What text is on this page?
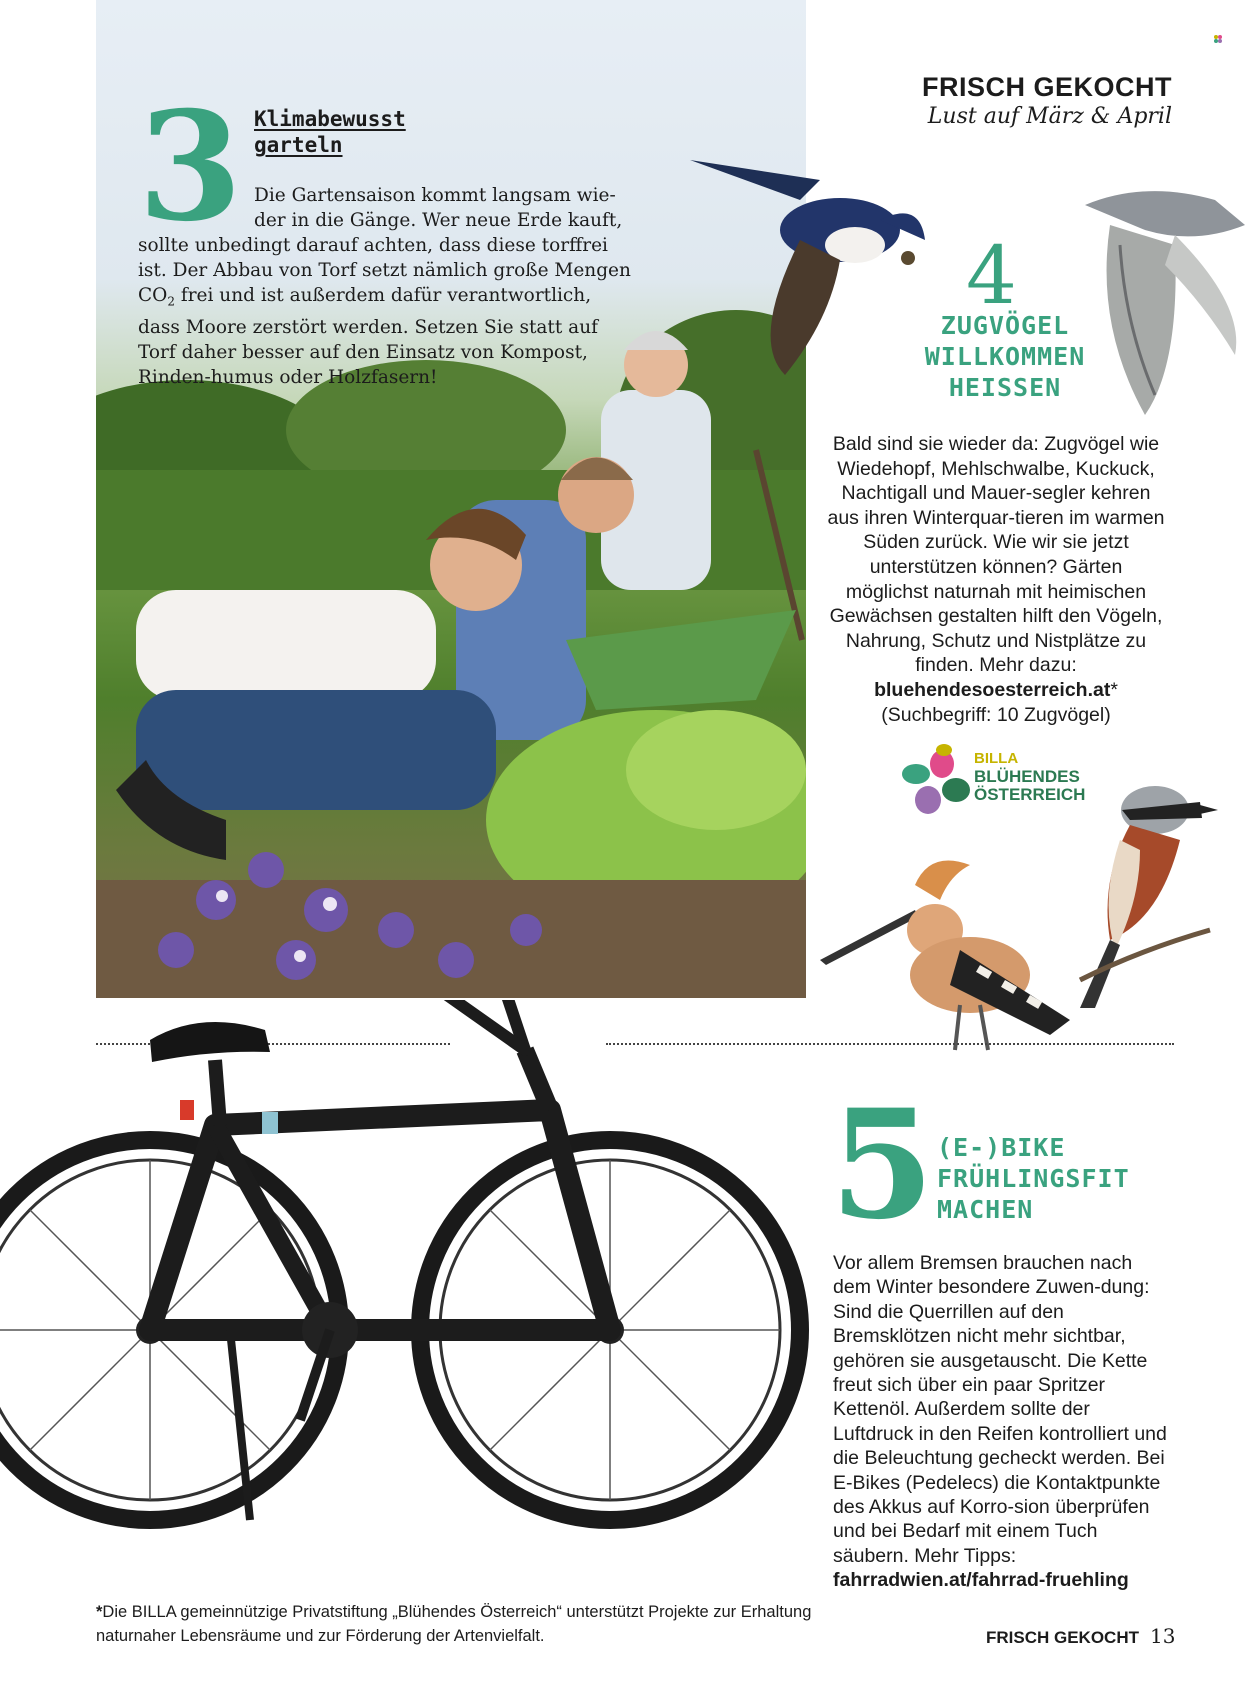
3 Klimabewusst
garteln
Die Gartensaison kommt langsam wie-der in die Gänge. Wer neue Erde kauft,
sollte unbedingt darauf achten, dass diese torffrei ist. Der Abbau von Torf setzt nämlich große Mengen $CO_2$ frei und ist außerdem dafür verantwortlich, dass Moore zerstört werden. Setzen Sie statt auf Torf daher besser auf den Einsatz von Kompost, Rinden-humus oder Holzfasern!
FRISCH GEKOCHT
Lust auf März & April
4
ZUGVÖGEL
WILLKOMMEN
HEISSEN
Bald sind sie wieder da: Zugvögel wie Wiedehopf, Mehlschwalbe, Kuckuck, Nachtigall und Mauer-segler kehren aus ihren Winterquar-tieren im warmen Süden zurück. Wie wir sie jetzt unterstützen können? Gärten möglichst naturnah mit heimischen Gewächsen gestalten hilft den Vögeln, Nahrung, Schutz und Nistplätze zu finden. Mehr dazu: bluehendesoesterreich.at*
(Suchbegriff: 10 Zugvögel)
BILLA
BLÜHENDES
ÖSTERREICH
5 (E-)BIKE
FRÜHLINGSFIT
MACHEN
Vor allem Bremsen brauchen nach dem Winter besondere Zuwen-dung: Sind die Querrillen auf den Bremsklötzen nicht mehr sichtbar, gehören sie ausgetauscht. Die Kette freut sich über ein paar Spritzer Kettenöl. Außerdem sollte der Luftdruck in den Reifen kontrolliert und die Beleuchtung gecheckt werden. Bei E-Bikes (Pedelecs) die Kontaktpunkte des Akkus auf Korro-sion überprüfen und bei Bedarf mit einem Tuch säubern. Mehr Tipps: fahrradwien.at/fahrrad-fruehling
*Die BILLA gemeinnützige Privatstiftung „Blühendes Österreich“ unterstützt Projekte zur Erhaltung naturnaher Lebensräume und zur Förderung der Artenvielfalt.	FRISCH GEKOCHT 13
